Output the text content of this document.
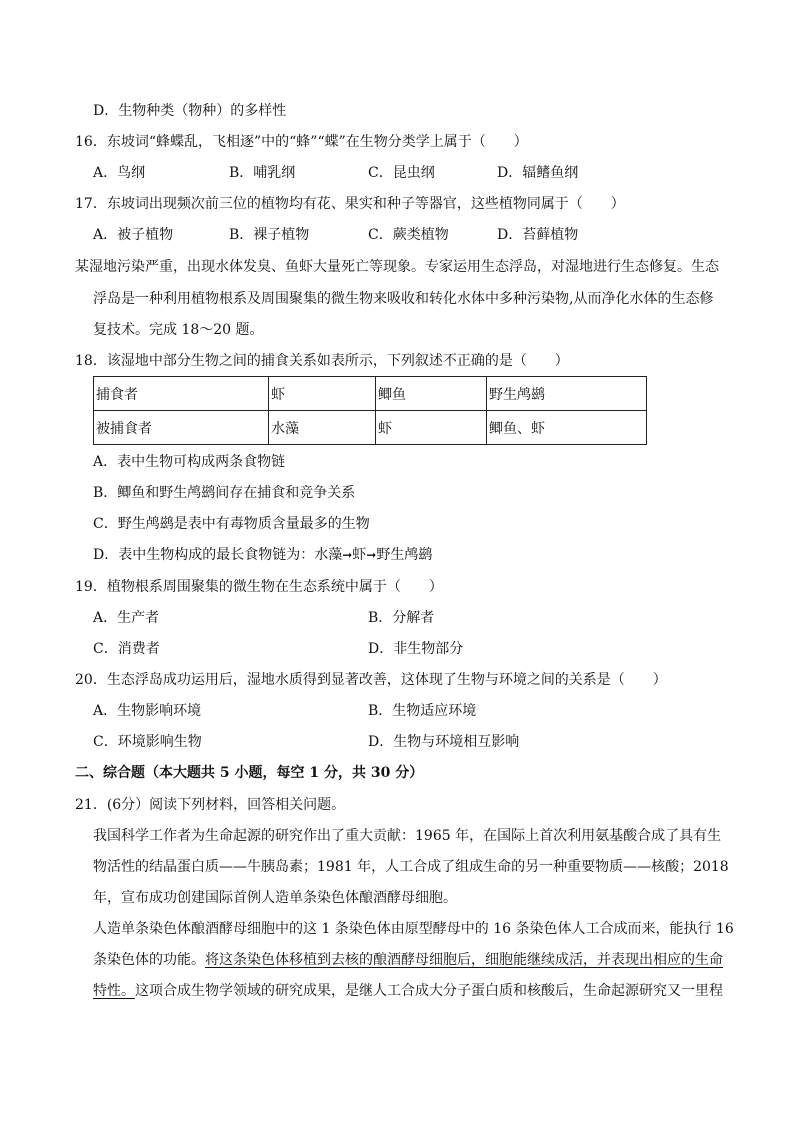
D．生物种类（物种）的多样性
16．东坡词“蜂蝶乱，飞相逐”中的“蜂”“蝶”在生物分类学上属于（　　）
A．鸟纲	B．哺乳纲	C．昆虫纲	D．辐鳍鱼纲
17．东坡词出现频次前三位的植物均有花、果实和种子等器官，这些植物同属于（　　）
A．被子植物	B．裸子植物	C．蕨类植物	D．苔藓植物
某湿地污染严重，出现水体发臭、鱼虾大量死亡等现象。专家运用生态浮岛，对湿地进行生态修复。生态
浮岛是一种利用植物根系及周围聚集的微生物来吸收和转化水体中多种污染物,从而净化水体的生态修
复技术。完成 18～20 题。
18．该湿地中部分生物之间的捕食关系如表所示，下列叙述不正确的是（　　）
捕食者	虾	鲫鱼	野生鸬鹚
被捕食者	水藻	虾	鲫鱼、虾
A．表中生物可构成两条食物链
B．鲫鱼和野生鸬鹚间存在捕食和竞争关系
C．野生鸬鹚是表中有毒物质含量最多的生物
D．表中生物构成的最长食物链为：水藻➞虾➞野生鸬鹚
19．植物根系周围聚集的微生物在生态系统中属于（　　）
A．生产者	B．分解者
C．消费者	D．非生物部分
20．生态浮岛成功运用后，湿地水质得到显著改善，这体现了生物与环境之间的关系是（　　）
A．生物影响环境	B．生物适应环境
C．环境影响生物	D．生物与环境相互影响
二、综合题（本大题共 5 小题，每空 1 分，共 30 分）
21．(6分）阅读下列材料，回答相关问题。
我国科学工作者为生命起源的研究作出了重大贡献：1965 年，在国际上首次利用氨基酸合成了具有生
物活性的结晶蛋白质——牛胰岛素；1981 年，人工合成了组成生命的另一种重要物质——核酸；2018
年，宣布成功创建国际首例人造单条染色体酿酒酵母细胞。
人造单条染色体酿酒酵母细胞中的这 1 条染色体由原型酵母中的 16 条染色体人工合成而来，能执行 16
条染色体的功能。将这条染色体移植到去核的酿酒酵母细胞后，细胞能继续成活，并表现出相应的生命
特性。这项合成生物学领域的研究成果，是继人工合成大分子蛋白质和核酸后，生命起源研究又一里程
